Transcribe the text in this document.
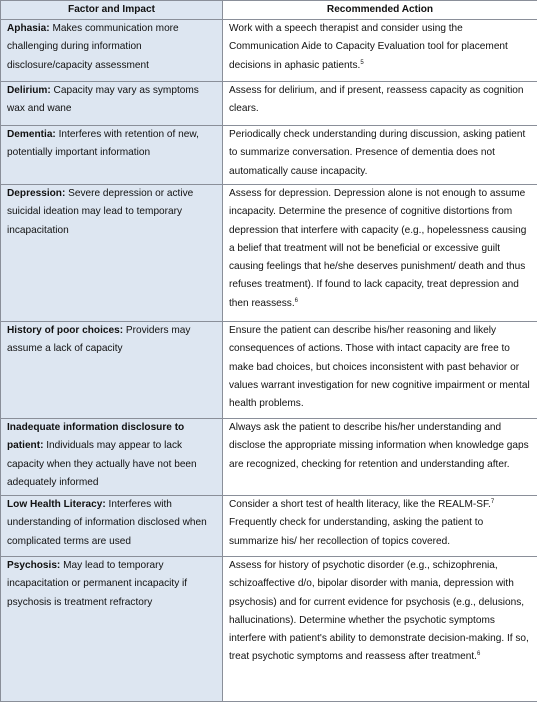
Factor and Impact	Recommended Action
Aphasia: Makes communication more challenging during information disclosure/capacity assessment	Work with a speech therapist and consider using the Communication Aide to Capacity Evaluation tool for placement decisions in aphasic patients.$^5$
Delirium: Capacity may vary as symptoms wax and wane	Assess for delirium, and if present, reassess capacity as cognition clears.
Dementia: Interferes with retention of new, potentially important information	Periodically check understanding during discussion, asking patient to summarize conversation. Presence of dementia does not automatically cause incapacity.
Depression: Severe depression or active suicidal ideation may lead to temporary incapacitation	Assess for depression. Depression alone is not enough to assume incapacity. Determine the presence of cognitive distortions from depression that interfere with capacity (e.g., hopelessness causing a belief that treatment will not be beneficial or excessive guilt causing feelings that he/she deserves punishment/ death and thus refuses treatment). If found to lack capacity, treat depression and then reassess.$^6$
History of poor choices: Providers may assume a lack of capacity	Ensure the patient can describe his/her reasoning and likely consequences of actions. Those with intact capacity are free to make bad choices, but choices inconsistent with past behavior or values warrant investigation for new cognitive impairment or mental health problems.
Inadequate information disclosure to patient: Individuals may appear to lack capacity when they actually have not been adequately informed	Always ask the patient to describe his/her understanding and disclose the appropriate missing information when knowledge gaps are recognized, checking for retention and understanding after.
Low Health Literacy: Interferes with understanding of information disclosed when complicated terms are used	Consider a short test of health literacy, like the REALM-SF.$^7$ Frequently check for understanding, asking the patient to summarize his/ her recollection of topics covered.
Psychosis: May lead to temporary incapacitation or permanent incapacity if psychosis is treatment refractory	Assess for history of psychotic disorder (e.g., schizophrenia, schizoaffective d/o, bipolar disorder with mania, depression with psychosis) and for current evidence for psychosis (e.g., delusions, hallucinations). Determine whether the psychotic symptoms interfere with patient's ability to demonstrate decision-making. If so, treat psychotic symptoms and reassess after treatment.$^6$
